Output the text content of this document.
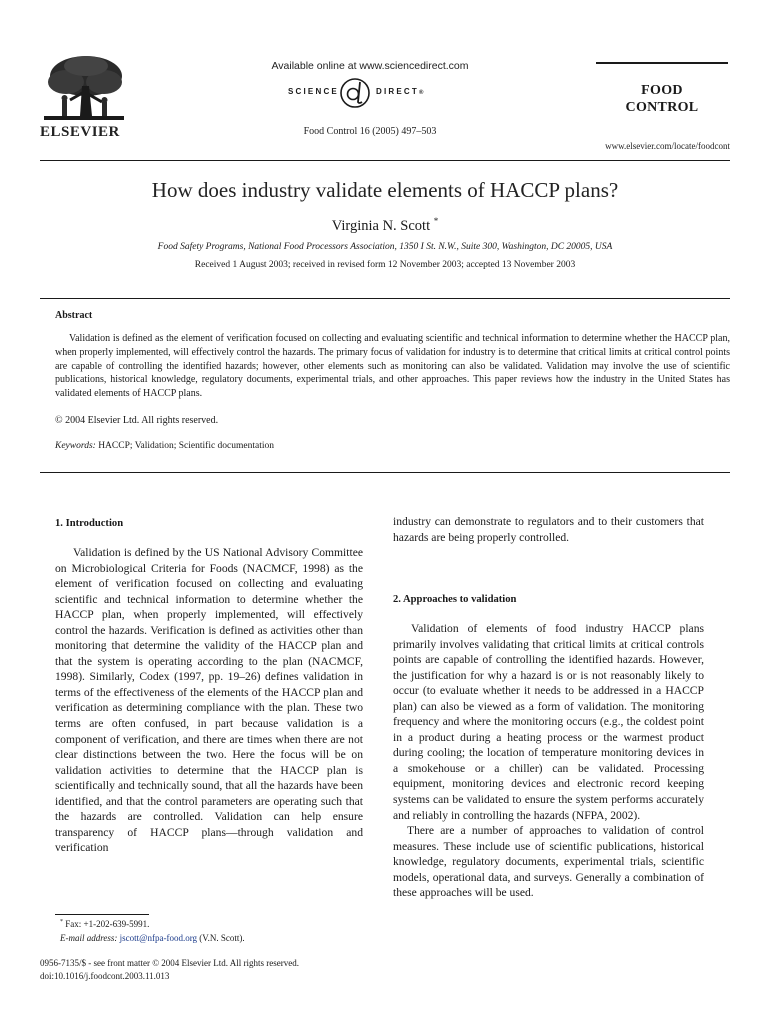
ELSEVIER
Available online at www.sciencedirect.com
SCIENCE	DIRECT®
Food Control 16 (2005) 497–503
FOOD
CONTROL
www.elsevier.com/locate/foodcont
How does industry validate elements of HACCP plans?
Virginia N. Scott *
Food Safety Programs, National Food Processors Association, 1350 I St. N.W., Suite 300, Washington, DC 20005, USA
Received 1 August 2003; received in revised form 12 November 2003; accepted 13 November 2003
Abstract
Validation is defined as the element of verification focused on collecting and evaluating scientific and technical information to determine whether the HACCP plan, when properly implemented, will effectively control the hazards. The primary focus of validation for industry is to determine that critical limits at critical control points are capable of controlling the identified hazards; however, other elements such as monitoring can also be validated. Validation may involve the use of scientific publications, historical knowledge, regulatory documents, experimental trials, and other approaches. This paper reviews how the industry in the United States has validated elements of HACCP plans.
© 2004 Elsevier Ltd. All rights reserved.
Keywords: HACCP; Validation; Scientific documentation
1. Introduction

Validation is defined by the US National Advisory Committee on Microbiological Criteria for Foods (NACMCF, 1998) as the element of verification focused on collecting and evaluating scientific and technical information to determine whether the HACCP plan, when properly implemented, will effectively control the hazards. Verification is defined as activities other than monitoring that determine the validity of the HACCP plan and that the system is operating according to the plan (NACMCF, 1998). Similarly, Codex (1997, pp. 19–26) defines validation in terms of the effectiveness of the elements of the HACCP plan and verification as determining compliance with the plan. These two terms are often confused, in part because validation is a component of verification, and there are times when there are not clear distinctions between the two. Here the focus will be on validation activities to determine that the HACCP plan is scientifically and technically sound, that all the hazards have been identified, and that the control parameters are operating such that the hazards are controlled. Validation can help ensure transparency of HACCP plans—through validation and verification

industry can demonstrate to regulators and to their customers that hazards are being properly controlled.

2. Approaches to validation

Validation of elements of food industry HACCP plans primarily involves validating that critical limits at critical controls points are capable of controlling the identified hazards. However, the justification for why a hazard is or is not reasonably likely to occur (to evaluate whether it needs to be addressed in a HACCP plan) can also be viewed as a form of validation. The monitoring frequency and where the monitoring occurs (e.g., the coldest point in a product during a heating process or the warmest product during cooling; the location of temperature monitoring devices in a smokehouse or a chiller) can be validated. Processing equipment, monitoring devices and electronic record keeping systems can be validated to ensure the system performs accurately and reliably in controlling the hazards (NFPA, 2002).

There are a number of approaches to validation of control measures. These include use of scientific publications, historical knowledge, regulatory documents, experimental trials, scientific models, operational data, and surveys. Generally a combination of these approaches will be used.

* Fax: +1-202-639-5991.
E-mail address: jscott@nfpa-food.org (V.N. Scott).
0956-7135/$ - see front matter © 2004 Elsevier Ltd. All rights reserved.
doi:10.1016/j.foodcont.2003.11.013
